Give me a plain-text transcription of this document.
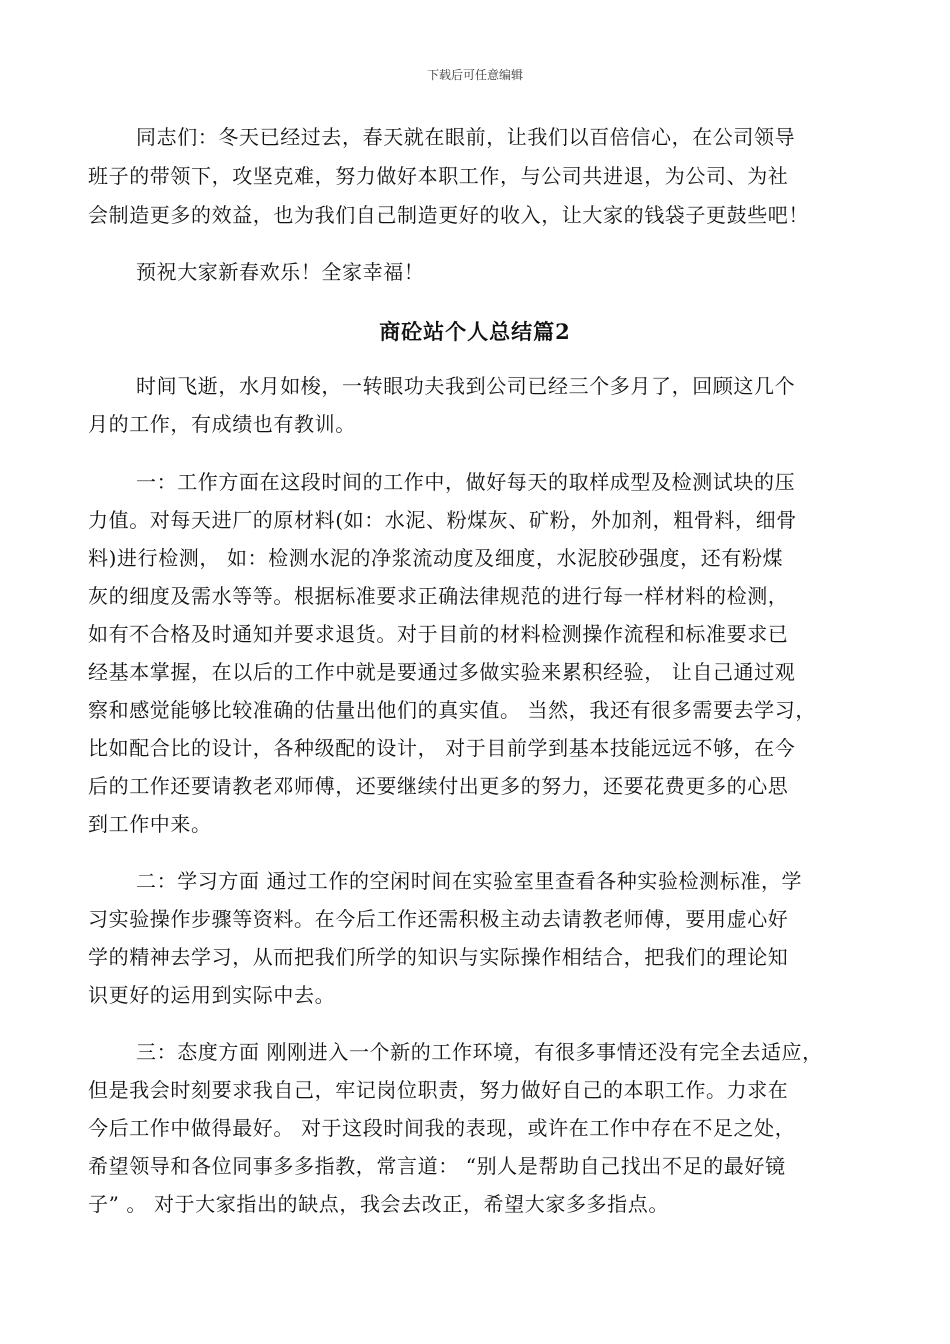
下载后可任意编辑
同志们：冬天已经过去，春天就在眼前，让我们以百倍信心，在公司领导
班子的带领下，攻坚克难，努力做好本职工作，与公司共进退，为公司、为社
会制造更多的效益，也为我们自己制造更好的收入，让大家的钱袋子更鼓些吧！
预祝大家新春欢乐！全家幸福！
商砼站个人总结篇2
时间飞逝，水月如梭，一转眼功夫我到公司已经三个多月了，回顾这几个
月的工作，有成绩也有教训。
一：工作方面在这段时间的工作中，做好每天的取样成型及检测试块的压
力值。对每天进厂的原材料(如：水泥、粉煤灰、矿粉，外加剂，粗骨料，细骨
料)进行检测， 如：检测水泥的净浆流动度及细度，水泥胶砂强度，还有粉煤
灰的细度及需水等等。根据标准要求正确法律规范的进行每一样材料的检测，
如有不合格及时通知并要求退货。对于目前的材料检测操作流程和标准要求已
经基本掌握，在以后的工作中就是要通过多做实验来累积经验， 让自己通过观
察和感觉能够比较准确的估量出他们的真实值。 当然，我还有很多需要去学习，
比如配合比的设计，各种级配的设计， 对于目前学到基本技能远远不够，在今
后的工作还要请教老邓师傅，还要继续付出更多的努力，还要花费更多的心思
到工作中来。
二：学习方面 通过工作的空闲时间在实验室里查看各种实验检测标准，学
习实验操作步骤等资料。在今后工作还需积极主动去请教老师傅，要用虚心好
学的精神去学习，从而把我们所学的知识与实际操作相结合，把我们的理论知
识更好的运用到实际中去。
三：态度方面 刚刚进入一个新的工作环境，有很多事情还没有完全去适应，
但是我会时刻要求我自己，牢记岗位职责，努力做好自己的本职工作。力求在
今后工作中做得最好。 对于这段时间我的表现，或许在工作中存在不足之处，
希望领导和各位同事多多指教，常言道： “别人是帮助自己找出不足的最好镜
子” 。 对于大家指出的缺点，我会去改正，希望大家多多指点。
